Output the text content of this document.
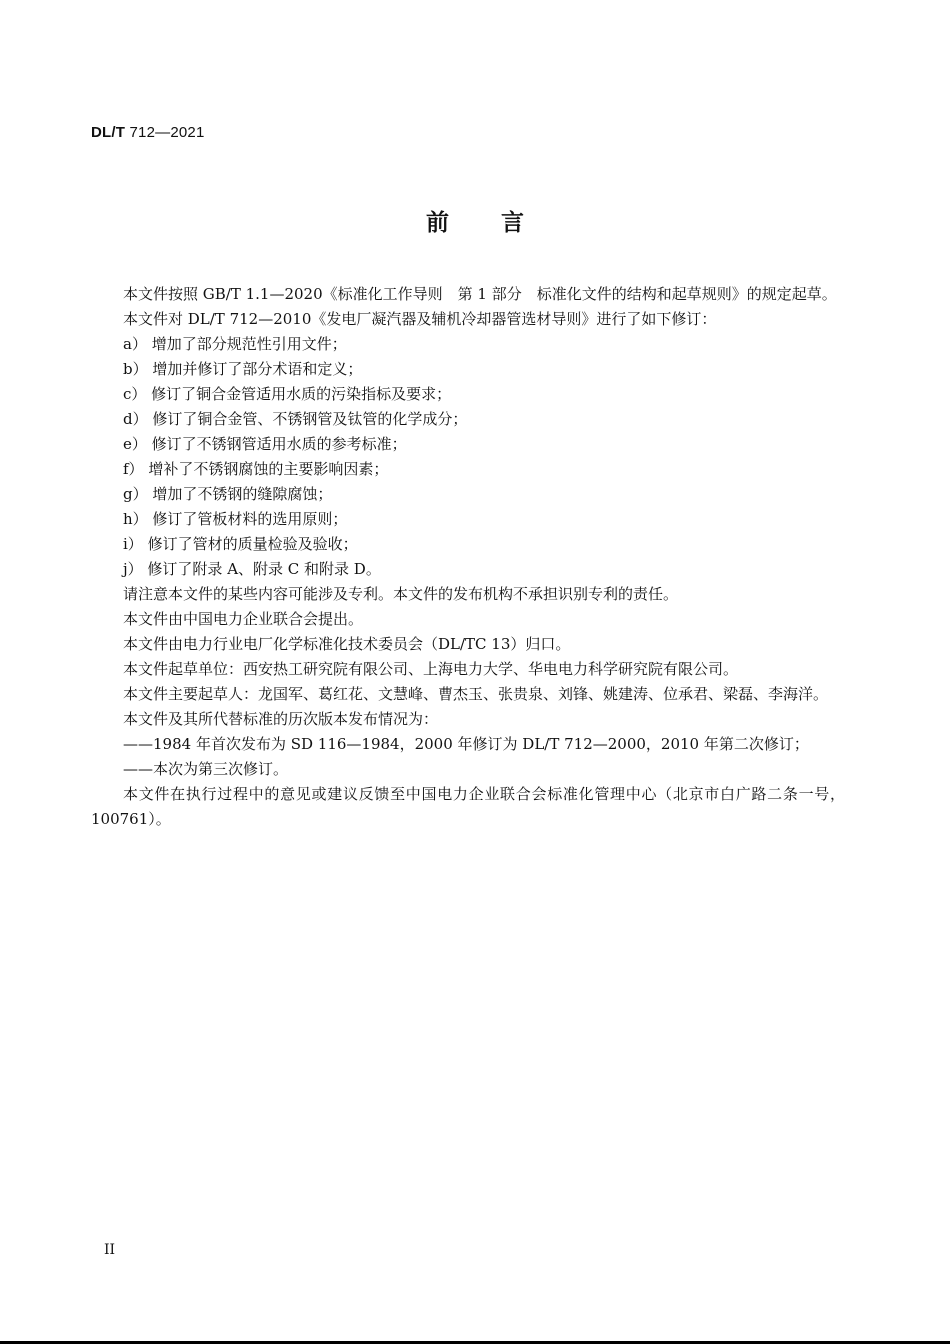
DL/T 712—2021
前言

本文件按照 GB/T 1.1—2020《标准化工作导则　第 1 部分　标准化文件的结构和起草规则》的规定起草。

本文件对 DL/T 712—2010《发电厂凝汽器及辅机冷却器管选材导则》进行了如下修订：

a） 增加了部分规范性引用文件；

b） 增加并修订了部分术语和定义；

c） 修订了铜合金管适用水质的污染指标及要求；

d） 修订了铜合金管、不锈钢管及钛管的化学成分；

e） 修订了不锈钢管适用水质的参考标准；

f） 增补了不锈钢腐蚀的主要影响因素；

g） 增加了不锈钢的缝隙腐蚀；

h） 修订了管板材料的选用原则；

i） 修订了管材的质量检验及验收；

j） 修订了附录 A、附录 C 和附录 D。

请注意本文件的某些内容可能涉及专利。本文件的发布机构不承担识别专利的责任。

本文件由中国电力企业联合会提出。

本文件由电力行业电厂化学标准化技术委员会（DL/TC 13）归口。

本文件起草单位：西安热工研究院有限公司、上海电力大学、华电电力科学研究院有限公司。

本文件主要起草人：龙国军、葛红花、文慧峰、曹杰玉、张贵泉、刘锋、姚建涛、位承君、梁磊、李海洋。

本文件及其所代替标准的历次版本发布情况为：

——1984 年首次发布为 SD 116—1984，2000 年修订为 DL/T 712—2000，2010 年第二次修订；

——本次为第三次修订。

本文件在执行过程中的意见或建议反馈至中国电力企业联合会标准化管理中心（北京市白广路二条一号，100761）。

II
